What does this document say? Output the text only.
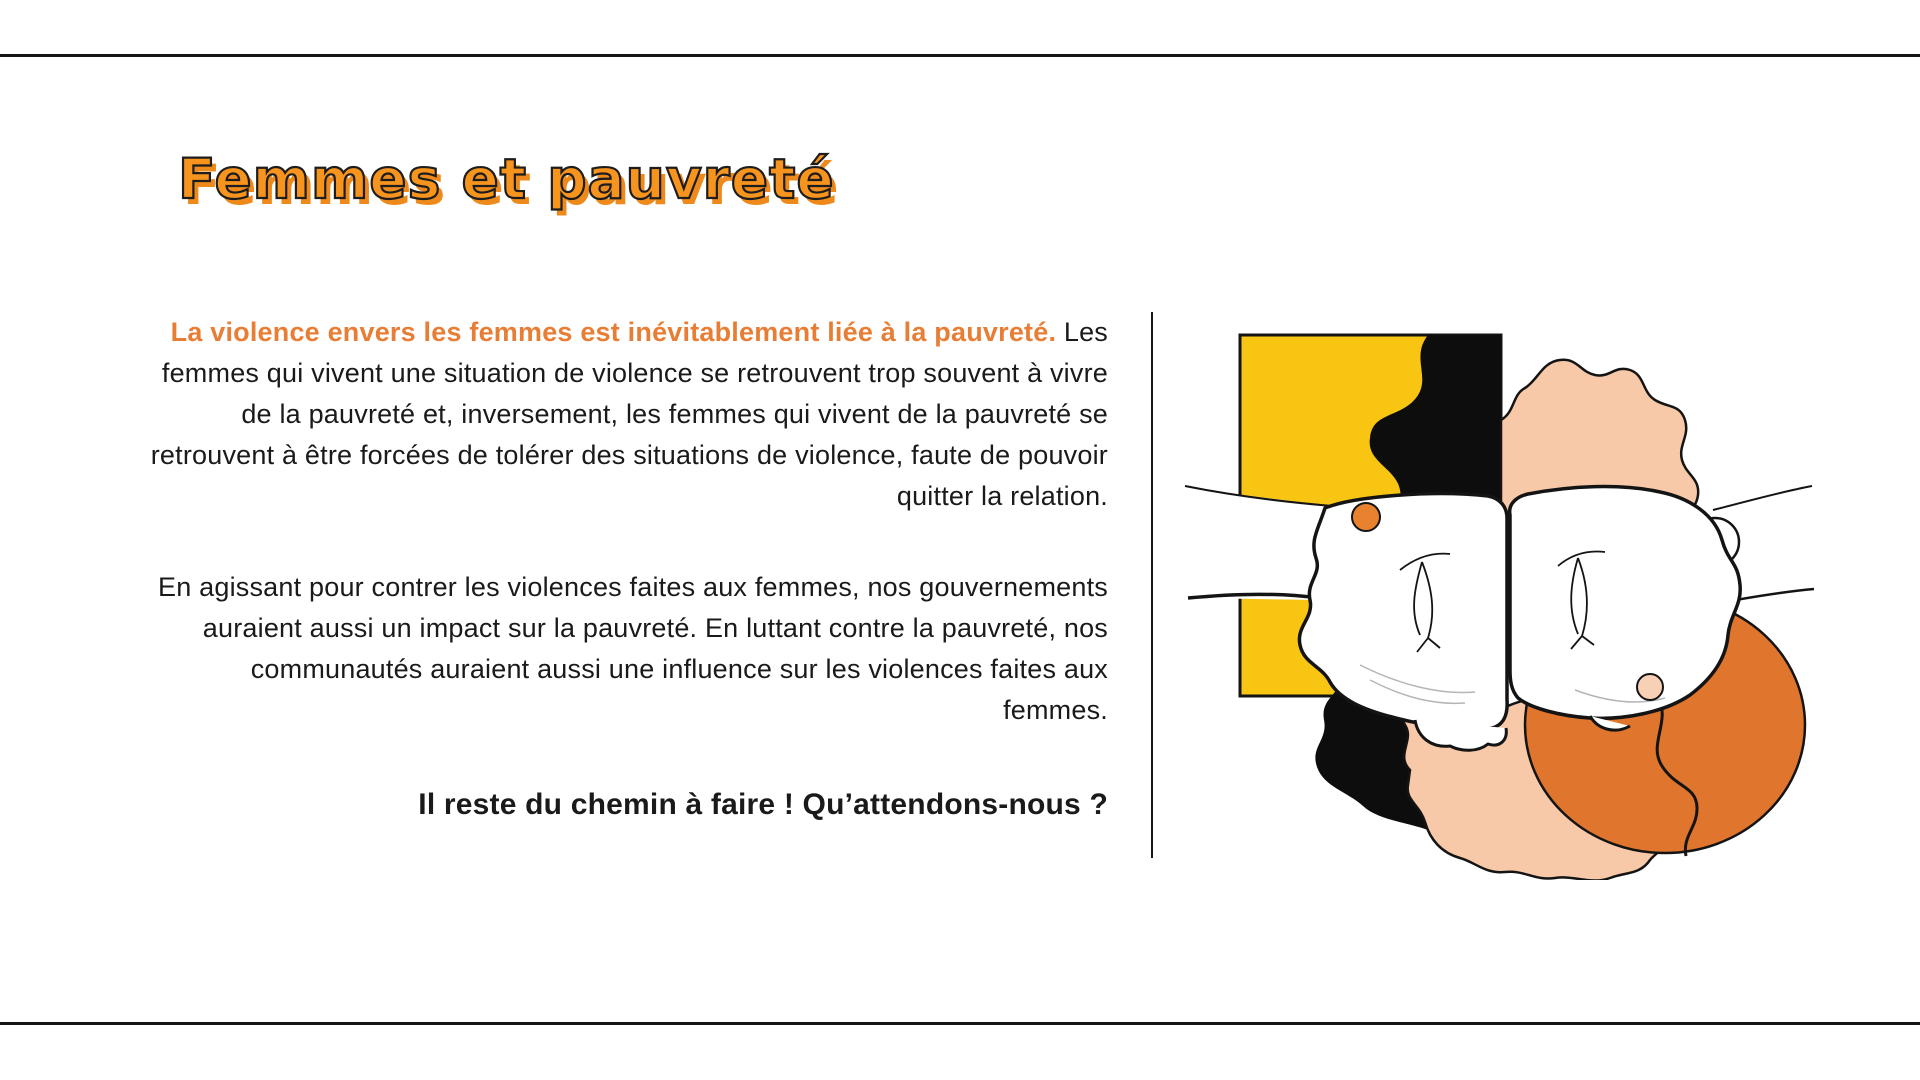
Femmes et pauvreté

La violence envers les femmes est inévitablement liée à la pauvreté. Les femmes qui vivent une situation de violence se retrouvent trop souvent à vivre de la pauvreté et, inversement, les femmes qui vivent de la pauvreté se retrouvent à être forcées de tolérer des situations de violence, faute de pouvoir quitter la relation.

En agissant pour contrer les violences faites aux femmes, nos gouvernements auraient aussi un impact sur la pauvreté. En luttant contre la pauvreté, nos communautés auraient aussi une influence sur les violences faites aux femmes.

Il reste du chemin à faire ! Qu’attendons-nous ?
